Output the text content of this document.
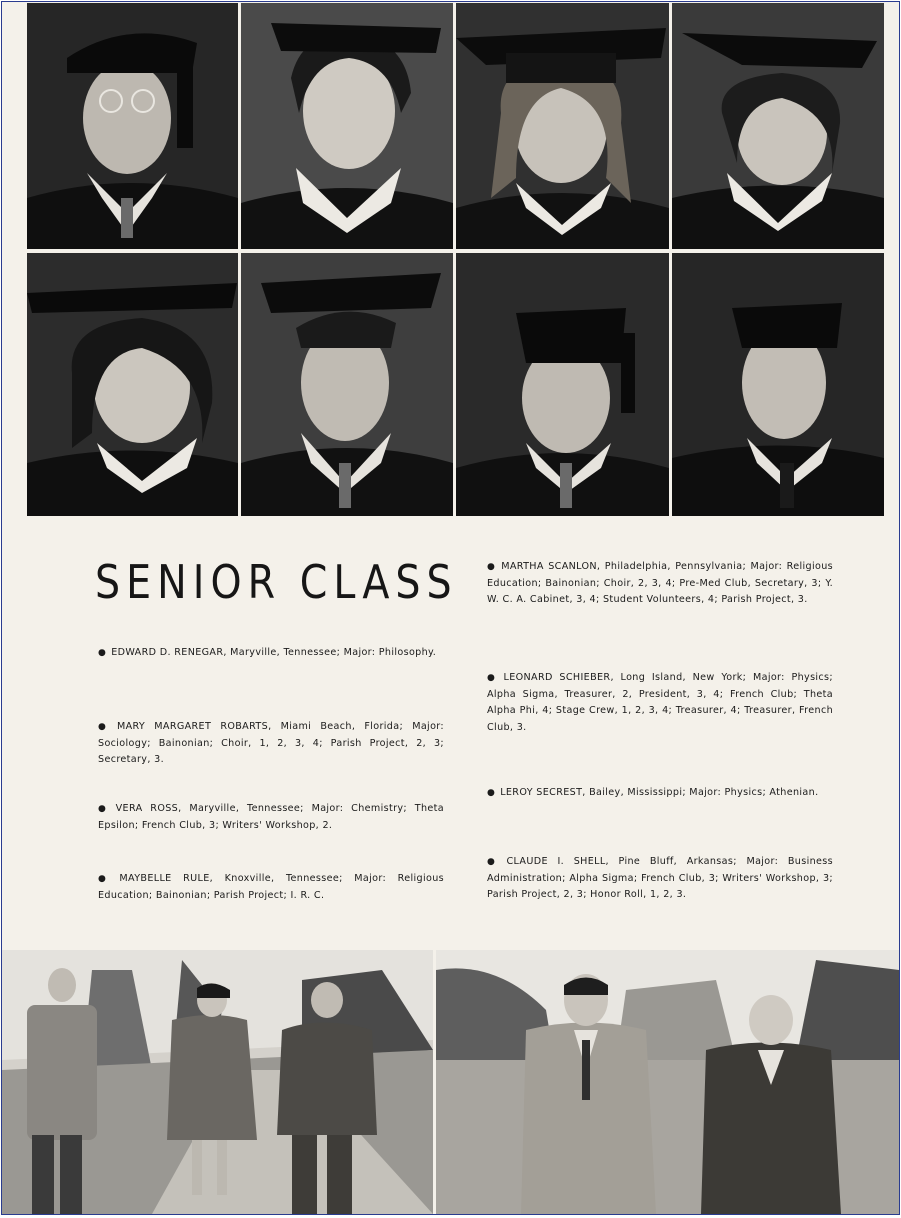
SENIOR CLASS
● EDWARD D. RENEGAR, Maryville, Tennessee; Major: Philosophy.
● MARY MARGARET ROBARTS, Miami Beach, Florida; Major: Sociology; Bainonian; Choir, 1, 2, 3, 4; Parish Project, 2, 3; Secretary, 3.
● VERA ROSS, Maryville, Tennessee; Major: Chemistry; Theta Epsilon; French Club, 3; Writers' Workshop, 2.
● MAYBELLE RULE, Knoxville, Tennessee; Major: Religious Education; Bainonian; Parish Project; I. R. C.
● MARTHA SCANLON, Philadelphia, Pennsylvania; Major: Religious Education; Bainonian; Choir, 2, 3, 4; Pre-Med Club, Secretary, 3; Y. W. C. A. Cabinet, 3, 4; Student Volunteers, 4; Parish Project, 3.
● LEONARD SCHIEBER, Long Island, New York; Major: Physics; Alpha Sigma, Treasurer, 2, President, 3, 4; French Club; Theta Alpha Phi, 4; Stage Crew, 1, 2, 3, 4; Treasurer, 4; Treasurer, French Club, 3.
● LEROY SECREST, Bailey, Mississippi; Major: Physics; Athenian.
● CLAUDE I. SHELL, Pine Bluff, Arkansas; Major: Business Administration; Alpha Sigma; French Club, 3; Writers' Workshop, 3; Parish Project, 2, 3; Honor Roll, 1, 2, 3.
